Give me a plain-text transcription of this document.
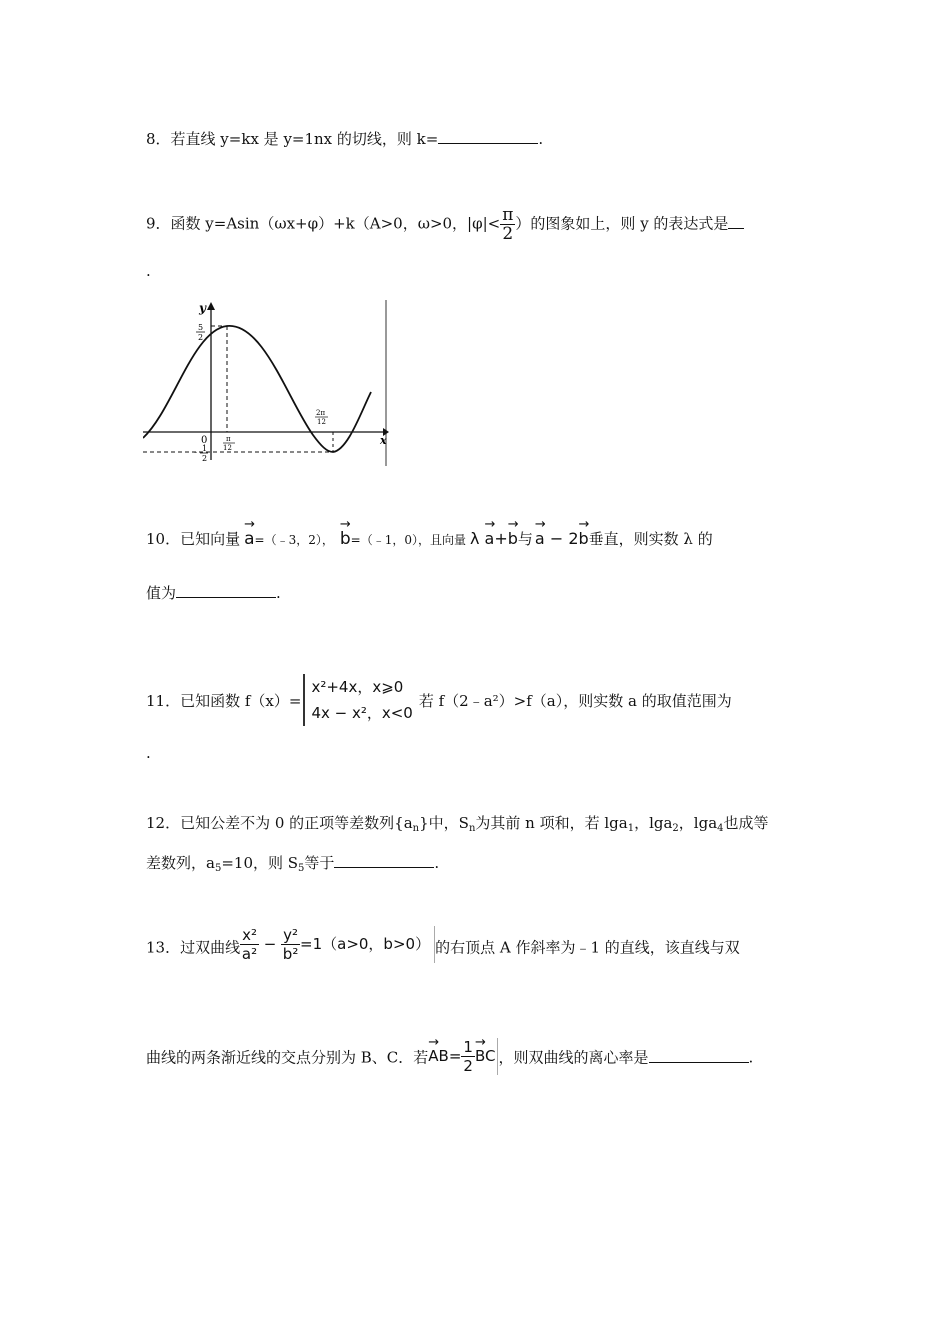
8．若直线 y=kx 是 y=1nx 的切线，则 k=	.
9．函数 y=Asin（ωx+φ）+k（A>0，ω>0，$|\varphi|< \frac{\pi}{2}$ ）的图象如上，则 y 的表达式是
.
y
x
0
5
2
- 1
2
π
12
2π
12
10．已知向量 → a=（﹣3，2）， → b=（﹣1，0），且向量 λ → a+→ b与 → a − 2→ b垂直，则实数 λ 的
值为	.
11．已知函数 f（x）=
x²+4x，x⩾0
4x − x²，x<0
若 f（2﹣a²）>f（a），则实数 a 的取值范围为
.
12．已知公差不为 0 的正项等差数列$\{a_n\}$中，$S_n$为其前 n 项和，若 lga$_1$，lga$_2$，lga$_4$也成等
差数列，$a_5=10$，则 $S_5$等于	.
13．过双曲线 $\frac{\text{x²}}{\text{a²}} - \frac{\text{y²}}{\text{b²}} =1(a>0$，b>0） 的右顶点 A 作斜率为﹣1 的直线，该直线与双
曲线的两条渐近线的交点分别为 B、C．若→ $AB= \frac{1}{2}$ → BC ，则双曲线的离心率是	.
